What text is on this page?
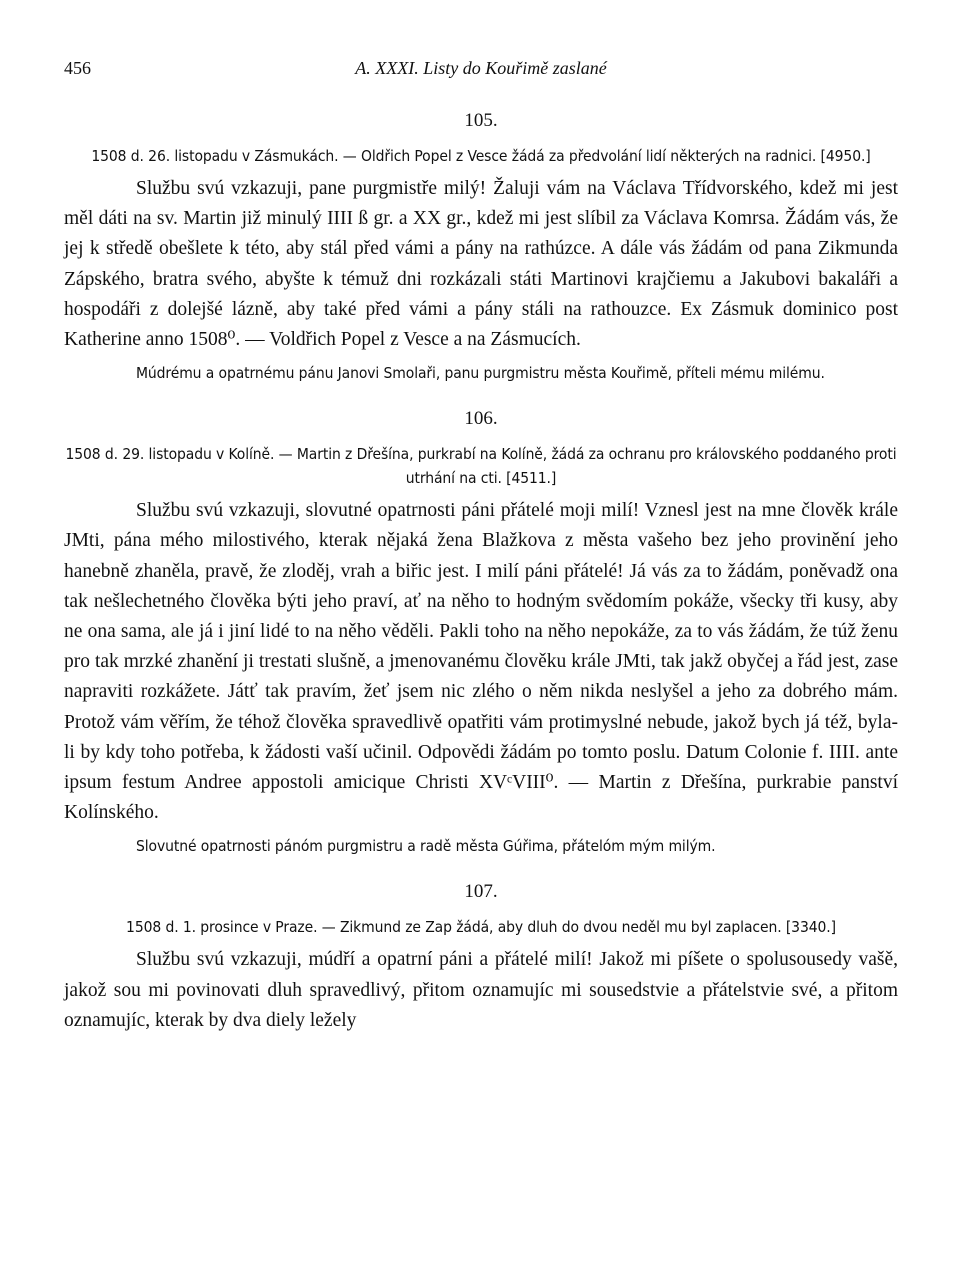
456	A. XXXI. Listy do Kouřimě zaslané
105.

1508 d. 26. listopadu v Zásmukách. — Oldřich Popel z Vesce žádá za předvolání lidí některých na radnici. [4950.]

Službu svú vzkazuji, pane purgmistře milý! Žaluji vám na Václava Třídvorského, kdež mi jest měl dáti na sv. Martin již minulý IIII ß gr. a XX gr., kdež mi jest slíbil za Václava Komrsa. Žádám vás, že jej k středě obešlete k této, aby stál před vámi a pány na rathúzce. A dále vás žádám od pana Zikmunda Zápského, bratra svého, abyšte k témuž dni rozkázali státi Martinovi krajčiemu a Jakubovi bakaláři a hospodáři z dolejšé lázně, aby také před vámi a pány stáli na rathouzce. Ex Zásmuk dominico post Katherine anno 1508⁰. — Voldřich Popel z Vesce a na Zásmucích.

Múdrému a opatrnému pánu Janovi Smolaři, panu purgmistru města Kouřimě, příteli mému milému.

106.

1508 d. 29. listopadu v Kolíně. — Martin z Dřešína, purkrabí na Kolíně, žádá za ochranu pro královského poddaného proti utrhání na cti. [4511.]

Službu svú vzkazuji, slovutné opatrnosti páni přátelé moji milí! Vznesl jest na mne člověk krále JMti, pána mého milostivého, kterak nějaká žena Blažkova z města vašeho bez jeho provinění jeho hanebně zhaněla, pravě, že zloděj, vrah a biřic jest. I milí páni přátelé! Já vás za to žádám, poněvadž ona tak nešlechetného člověka býti jeho praví, ať na něho to hodným svědomím pokáže, všecky tři kusy, aby ne ona sama, ale já i jiní lidé to na něho věděli. Pakli toho na něho nepokáže, za to vás žádám, že túž ženu pro tak mrzké zhanění ji trestati slušně, a jmenovanému člověku krále JMti, tak jakž obyčej a řád jest, zase napraviti rozkážete. Játť tak pravím, žeť jsem nic zlého o něm nikda neslyšel a jeho za dobrého mám. Protož vám věřím, že téhož člověka spravedlivě opatřiti vám protimyslné nebude, jakož bych já též, byla-li by kdy toho potřeba, k žádosti vaší učinil. Odpovědi žádám po tomto poslu. Datum Colonie f. IIII. ante ipsum festum Andree appostoli amicique Christi XVᶜVIII⁰. — Martin z Dřešína, purkrabie panství Kolínského.

Slovutné opatrnosti pánóm purgmistru a radě města Gúřima, přátelóm mým milým.

107.

1508 d. 1. prosince v Praze. — Zikmund ze Zap žádá, aby dluh do dvou neděl mu byl zaplacen. [3340.]

Službu svú vzkazuji, múdří a opatrní páni a přátelé milí! Jakož mi píšete o spolusousedy vašě, jakož sou mi povinovati dluh spravedlivý, přitom oznamujíc mi sousedstvie a přátelstvie své, a přitom oznamujíc, kterak by dva diely ležely
